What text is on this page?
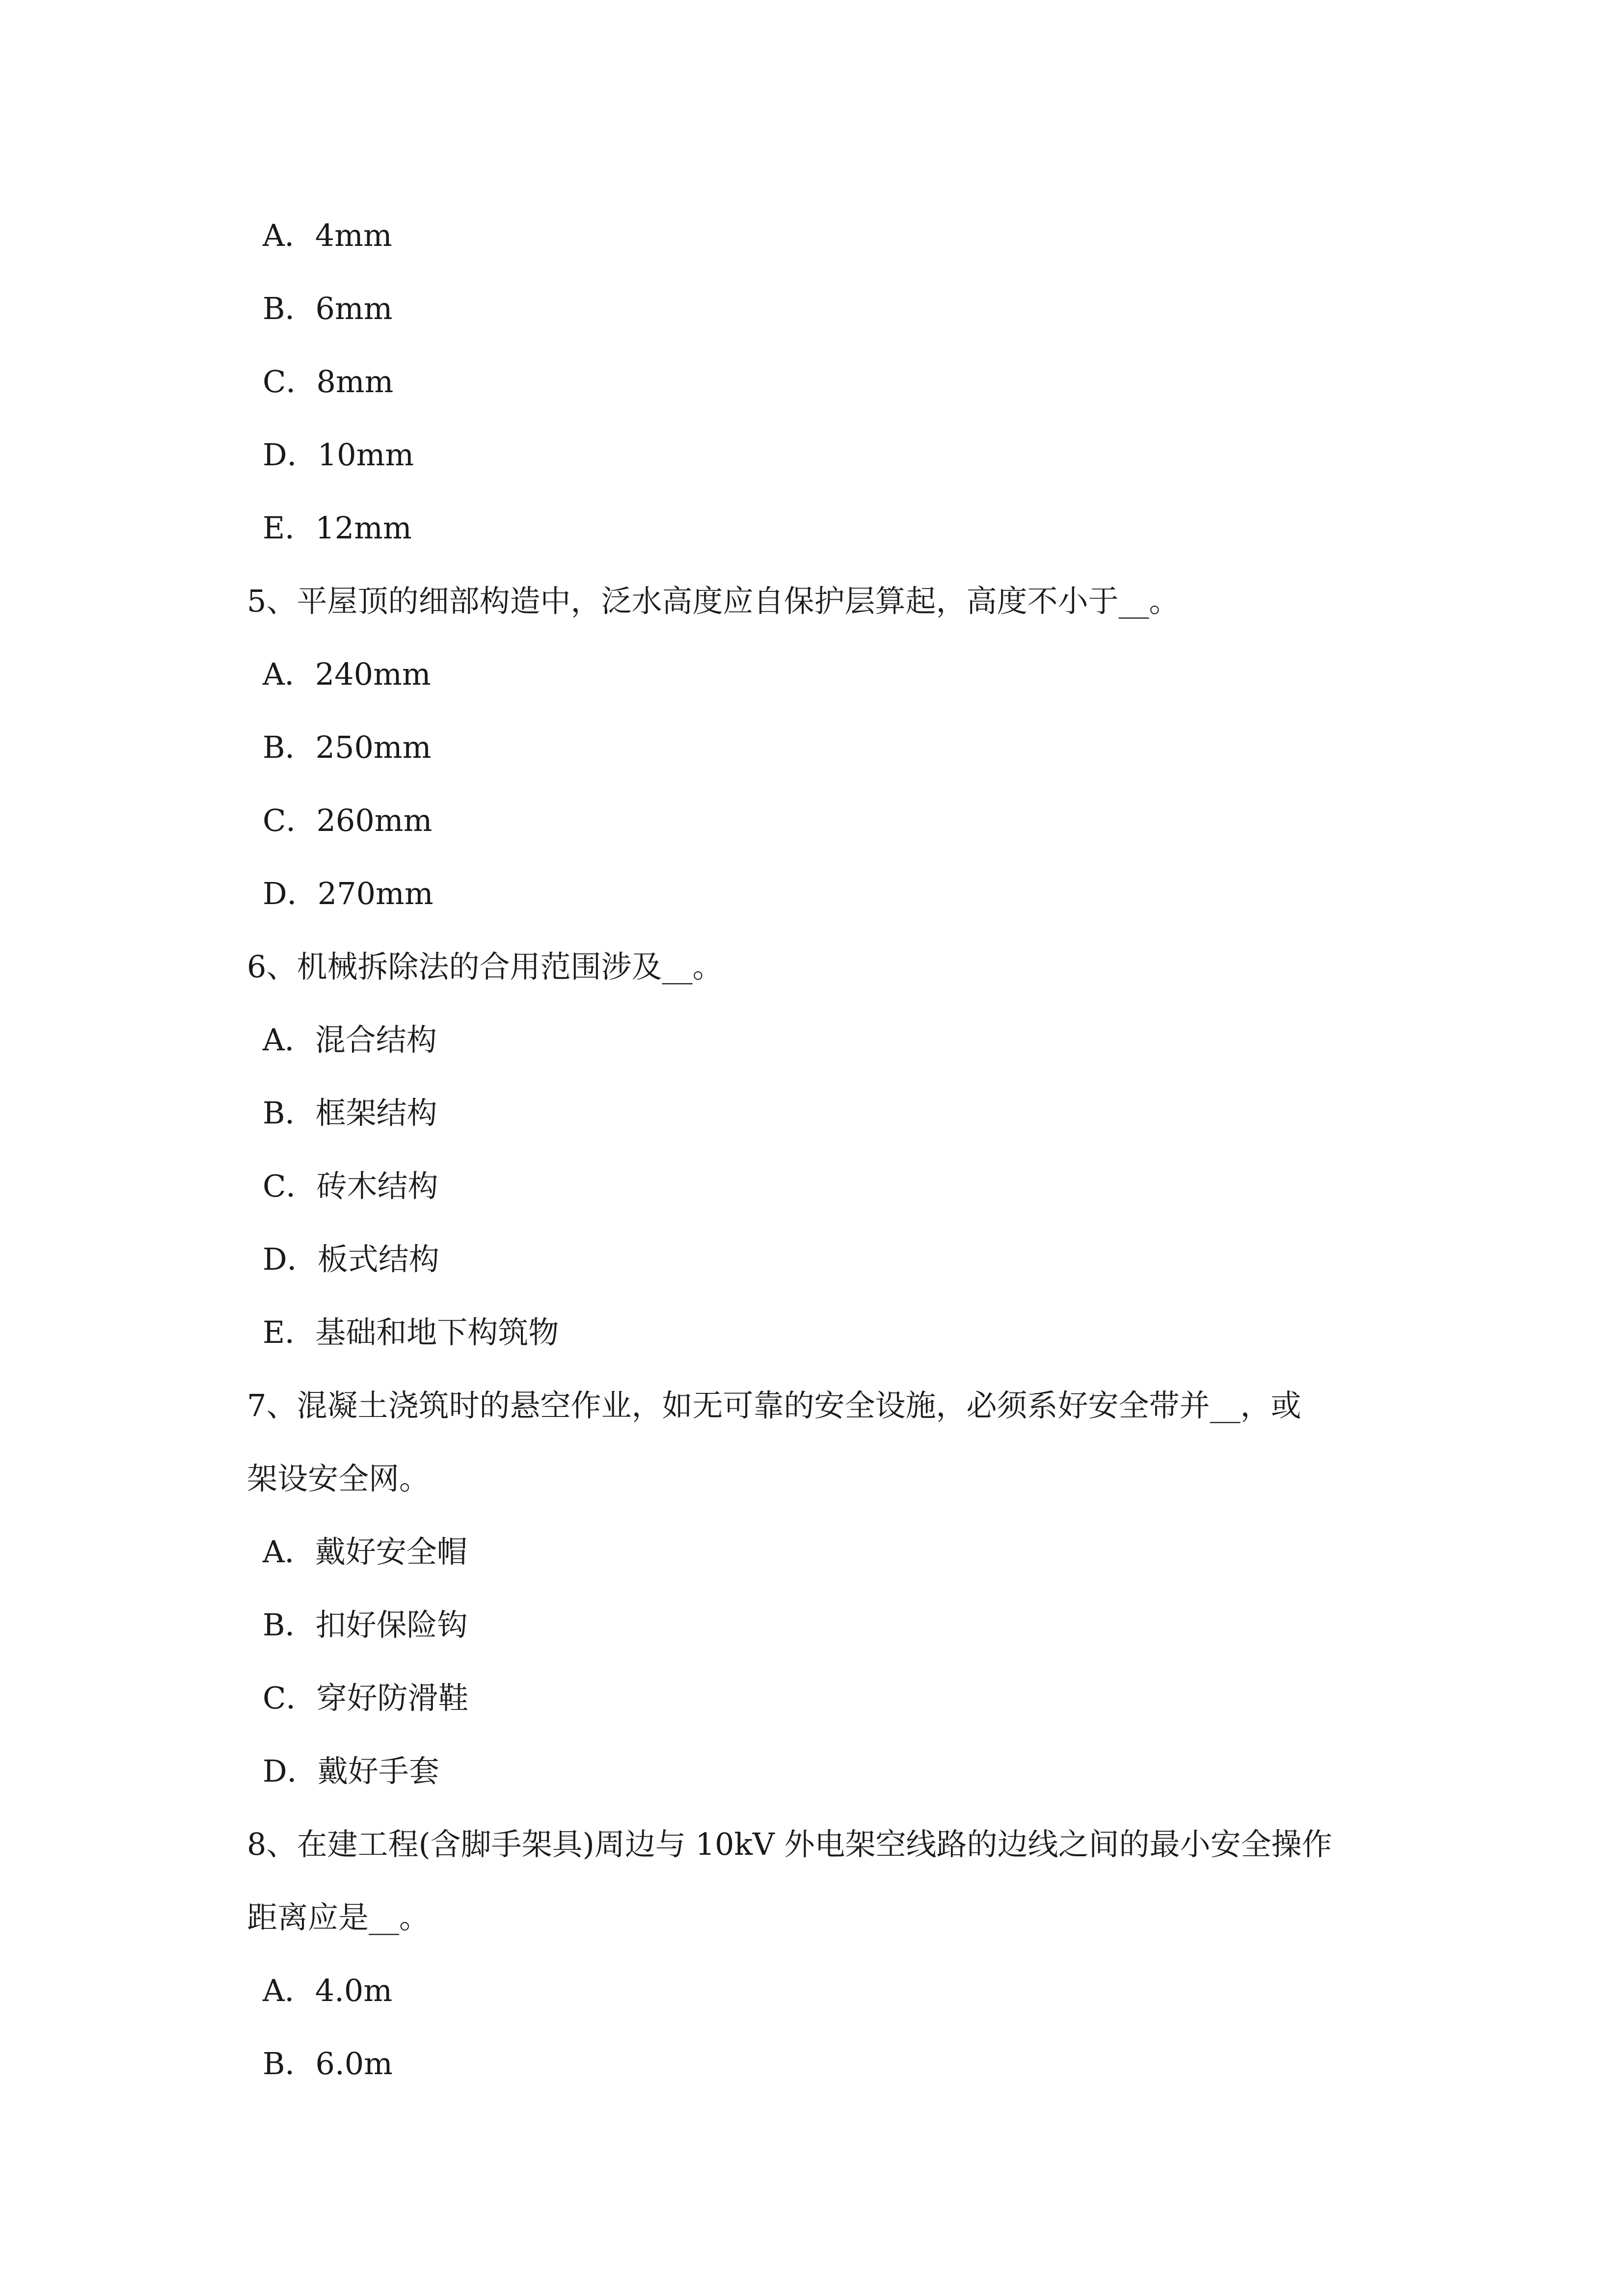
A．4mm
B．6mm
C．8mm
D．10mm
E．12mm
5、平屋顶的细部构造中，泛水高度应自保护层算起，高度不小于__。
A．240mm
B．250mm
C．260mm
D．270mm
6、机械拆除法的合用范围涉及__。
A．混合结构
B．框架结构
C．砖木结构
D．板式结构
E．基础和地下构筑物
7、混凝土浇筑时的悬空作业，如无可靠的安全设施，必须系好安全带并__，或
架设安全网。
A．戴好安全帽
B．扣好保险钩
C．穿好防滑鞋
D．戴好手套
8、在建工程(含脚手架具)周边与 10kV 外电架空线路的边线之间的最小安全操作
距离应是__。
A．4.0m
B．6.0m
